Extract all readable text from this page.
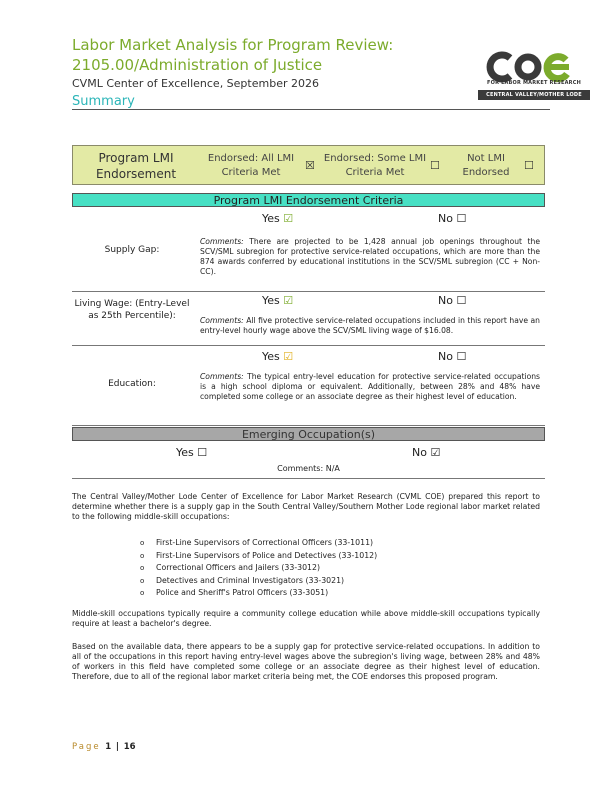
Labor Market Analysis for Program Review:
2105.00/Administration of Justice
CVML Center of Excellence, September 2026
Summary
FOR LABOR MARKET RESEARCH
CENTRAL VALLEY/MOTHER LODE
Program LMI Endorsement
Endorsed: All LMI Criteria Met
☒
Endorsed: Some LMI Criteria Met
☐
Not LMI Endorsed
☐
Program LMI Endorsement Criteria
Supply Gap:
Yes ☑	No ☐
Comments: There are projected to be 1,428 annual job openings throughout the SCV/SML subregion for protective service-related occupations, which are more than the 874 awards conferred by educational institutions in the SCV/SML subregion (CC + Non-CC).
Living Wage: (Entry-Level as 25th Percentile):
Yes ☑	No ☐
Comments: All five protective service-related occupations included in this report have an entry-level hourly wage above the SCV/SML living wage of $16.08.
Education:
Yes ☑	No ☐
Comments: The typical entry-level education for protective service-related occupations is a high school diploma or equivalent. Additionally, between 28% and 48% have completed some college or an associate degree as their highest level of education.
Emerging Occupation(s)
Yes ☐	No ☑
Comments: N/A
The Central Valley/Mother Lode Center of Excellence for Labor Market Research (CVML COE) prepared this report to determine whether there is a supply gap in the South Central Valley/Southern Mother Lode regional labor market related to the following middle-skill occupations:
o First-Line Supervisors of Correctional Officers (33-1011)
o First-Line Supervisors of Police and Detectives (33-1012)
o Correctional Officers and Jailers (33-3012)
o Detectives and Criminal Investigators (33-3021)
o Police and Sheriff's Patrol Officers (33-3051)
Middle-skill occupations typically require a community college education while above middle-skill occupations typically require at least a bachelor's degree.
Based on the available data, there appears to be a supply gap for protective service-related occupations. In addition to all of the occupations in this report having entry-level wages above the subregion's living wage, between 28% and 48% of workers in this field have completed some college or an associate degree as their highest level of education. Therefore, due to all of the regional labor market criteria being met, the COE endorses this proposed program.
Page 1 | 16
